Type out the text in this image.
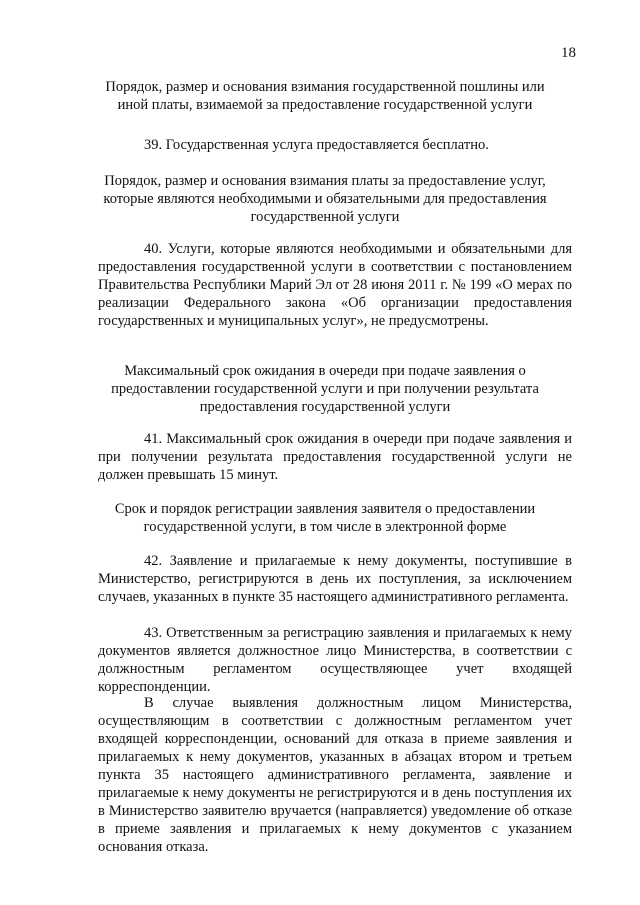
18
Порядок, размер и основания взимания государственной пошлины или иной платы, взимаемой за предоставление государственной услуги
39. Государственная услуга предоставляется бесплатно.
Порядок, размер и основания взимания платы за предоставление услуг, которые являются необходимыми и обязательными для предоставления государственной услуги
40. Услуги, которые являются необходимыми и обязательными для предоставления государственной услуги в соответствии с постановлением Правительства Республики Марий Эл от 28 июня 2011 г. № 199 «О мерах по реализации Федерального закона «Об организации предоставления государственных и муниципальных услуг», не предусмотрены.
Максимальный срок ожидания в очереди при подаче заявления о предоставлении государственной услуги и при получении результата предоставления государственной услуги
41. Максимальный срок ожидания в очереди при подаче заявления и при получении результата предоставления государственной услуги не должен превышать 15 минут.
Срок и порядок регистрации заявления заявителя о предоставлении государственной услуги, в том числе в электронной форме
42. Заявление и прилагаемые к нему документы, поступившие в Министерство, регистрируются в день их поступления, за исключением случаев, указанных в пункте 35 настоящего административного регламента.
43. Ответственным за регистрацию заявления и прилагаемых к нему документов является должностное лицо Министерства, в соответствии с должностным регламентом осуществляющее учет входящей корреспонденции.
В случае выявления должностным лицом Министерства, осуществляющим в соответствии с должностным регламентом учет входящей корреспонденции, оснований для отказа в приеме заявления и прилагаемых к нему документов, указанных в абзацах втором и третьем пункта 35 настоящего административного регламента, заявление и прилагаемые к нему документы не регистрируются и в день поступления их в Министерство заявителю вручается (направляется) уведомление об отказе в приеме заявления и прилагаемых к нему документов с указанием основания отказа.
